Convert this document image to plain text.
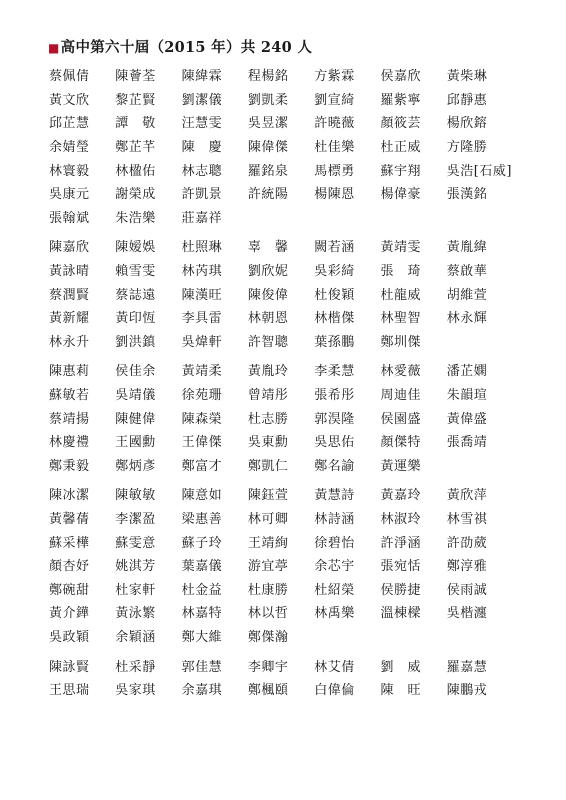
■高中第六十屆（2015 年）共 240 人
蔡佩倩	陳薈荃	陳緯霖	程楊銘	方紫霖	侯嘉欣	黃柴琳
黃文欣	黎芷賢	劉潔儀	劉凱柔	劉宣綺	羅紫寧	邱靜惠
邱芷慧	譚　敬	汪慧雯	吳昱潔	許曉薇	顏筱芸	楊欣鎔
余婧瑩	鄭芷芊	陳　慶	陳偉傑	杜佳樂	杜正威	方隆勝
林寰毅	林楹佑	林志聰	羅銘泉	馬標勇	蘇宇翔	吳浩[石威]
吳康元	謝榮成	許凱景	許統陽	楊陳恩	楊偉豪	張漢銘
張翰斌	朱浩樂	莊嘉祥
陳嘉欣	陳嫒娛	杜照琳	辜　馨	闕若涵	黃靖雯	黃胤緯
黃詠晴	賴雪雯	林芮琪	劉欣妮	吳彩綺	張　琦	蔡啟華
蔡潤賢	蔡誌遠	陳漢旺	陳俊偉	杜俊穎	杜龍威	胡維萱
黃新耀	黃印恆	李具雷	林朝恩	林楷傑	林聖智	林永輝
林永升	劉洪鎮	吳煒軒	許智聰	葉孫鵬	鄭圳傑
陳惠莉	侯佳余	黃靖柔	黃胤玲	李柔慧	林愛薇	潘芷嫻
蘇敏若	吳靖儀	徐苑珊	曾靖彤	張希彤	周迪佳	朱韻瑄
蔡靖揚	陳健偉	陳森榮	杜志勝	郭淏隆	侯園盛	黃偉盛
林慶禮	王國勳	王偉傑	吳東勳	吳思佑	顏傑特	張喬靖
鄭秉毅	鄭炳彥	鄭富才	鄭凱仁	鄭名諭	黃運樂
陳冰潔	陳敏敏	陳意如	陳鈺萱	黃慧詩	黃嘉玲	黃欣萍
黃馨蒨	李潔盈	梁惠善	林可卿	林詩涵	林淑玲	林雪祺
蘇采樺	蘇雯意	蘇子玲	王靖絢	徐碧怡	許淨涵	許劭葳
顏杏妤	姚淇芳	葉嘉儀	游宜葶	余芯宇	張宛恬	鄭淳雅
鄭碗甜	杜家軒	杜金益	杜康勝	杜紹榮	侯勝捷	侯雨誠
黃介鏵	黃泳繁	林嘉特	林以哲	林禹樂	溫棟樑	吳楷瀍
吳政穎	余穎涵	鄭大維	鄭傑瀚
陳詠賢	杜采靜	郭佳慧	李卿宇	林艾倩	劉　威	羅嘉慧
王思瑞	吳家琪	余嘉琪	鄭楓頤	白偉倫	陳　旺	陳鵬戎
